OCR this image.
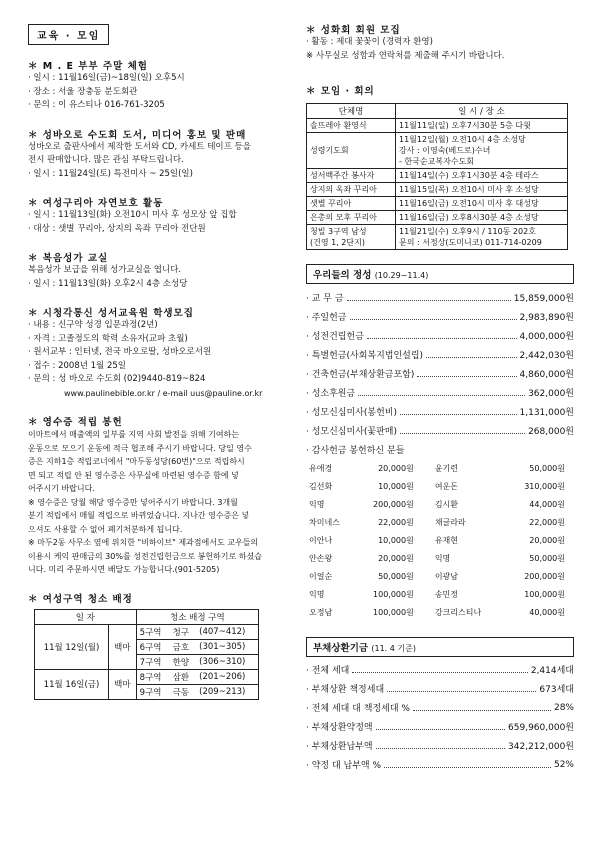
교육 · 모임
＊ M . E 부부 주말 체험
· 일시 : 11월16일(금)~18일(일) 오후5시
· 장소 : 서울 장충동 분도회관
· 문의 : 이 유스티나 016-761-3205
＊ 성바오로 수도회 도서, 미디어 홍보 및 판매
성바오로 출판사에서 제작한 도서와 CD, 카세트 테이프 등을
전시 판매합니다. 많은 관심 부탁드립니다.
· 일시 : 11월24일(토) 특전미사 ~ 25일(일)
＊ 여성구리아 자연보호 활동
· 일시 : 11월13일(화) 오전10시 미사 후 성모상 앞 집합
· 대상 : 샛별 꾸리아, 상지의 옥좌 꾸리아 전단원
＊ 복음성가 교실
복음성가 보급을 위해 성가교실을 엽니다.
· 일시 : 11월13일(화) 오후2시 4층 소성당
＊ 시청각통신 성서교육원 학생모집
· 내용 : 신구약 성경 입문과정(2년)
· 자격 : 고졸정도의 학력 소유자(교파 초월)
· 원서교부 : 인터넷, 전국 바오로딸, 성바오로서원
· 접수 : 2008년 1월 25일
· 문의 : 성 바오로 수도회 (02)9440-819~824
www.paulinebible.or.kr / e-mail uus@pauline.or.kr
＊ 영수증 적립 봉헌
이마트에서 매출액의 일부를 지역 사회 발전을 위해 기여하는
운동으로 모으기 운동에 적극 협조해 주시기 바랍니다. 당일 영수
증은 지하1층 적립코너에서 "마두동성당(60번)"으로 적립하시
면 되고 적립 안 된 영수증은 사무실에 마련된 영수증 함에 넣
어주시기 바랍니다.
※ 영수증은 당월 해당 영수증만 넣어주시기 바랍니다. 3개월
분기 적립에서 매월 적립으로 바뀌었습니다. 지나간 영수증은 넣
으셔도 사용할 수 없어 폐기처분하게 됩니다.
※ 마두2동 사무소 옆에 위치한 "비하이브" 제과점에서도 교우들의
이용시 케익 판매금의 30%를 성전건립헌금으로 봉헌하기로 하셨습
니다. 미리 주문하시면 배달도 가능합니다.(901-5205)
＊ 여성구역 청소 배정
일 자		청소 배정 구역		
11월 12일(월)	백마	5구역	청구	(407~412)
		6구역	금호	(301~305)
		7구역	한양	(306~310)
11월 16일(금)	백마	8구역	삼환	(201~206)
		9구역	극동	(209~213)
＊ 성화회 회원 모집
· 활동 : 제대 꽃꽂이 (경력자 환영)
※ 사무실로 성함과 연락처를 제출해 주시기 바랍니다.
＊ 모임 · 회의
단체명	일 시 / 장 소
솔뜨레아 환영식	11월11일(일) 오후7시30분 5층 다윗
성령기도회	11월12일(월) 오전10시 4층 소성당
강사 : 이영숙(베드로)수녀
- 한국순교복자수도회
성서백주간 봉사자	11월14일(수) 오후1시30분 4층 테라스
상지의 옥좌 꾸리아	11월15일(목) 오전10시 미사 후 소성당
샛별 꾸리아	11월16일(금) 오전10시 미사 후 대성당
은총의 모후 꾸리아	11월16일(금) 오후8시30분 4층 소성당
청빌 3구역 남성
(건영 1, 2단지)	11월21일(수) 오후9시 / 110동 202호
문의 : 서정상(도미니코) 011-714-0209
우리들의 정성 (10.29~11.4)
· 교 무 금	15,859,000원
· 주일헌금	2,983,890원
· 성전건립헌금	4,000,000원
· 특별헌금(사회복지법인설립)	2,442,030원
· 건축헌금(부채상환금포함)	4,860,000원
· 성소후원금	362,000원
· 성모신심미사(봉헌비)	1,131,000원
· 성모신심미사(꽃판매)	268,000원
· 감사헌금 봉헌하신 분들
유애경	20,000원	윤기련	50,000원
김선화	10,000원	여운돈	310,000원
익명	200,000원	김시환	44,000원
차미네스	22,000원	채글라라	22,000원
이안나	10,000원	유재현	20,000원
안손왕	20,000원	익명	50,000원
이얼순	50,000원	이광남	200,000원
익명	100,000원	송민정	100,000원
오정남	100,000원	강크리스티나	40,000원
부채상환기금 (11. 4 기준)
· 전체 세대	2,414세대
· 부채상환 책정세대	673세대
· 전체 세대 대 책정세대 %	28%
· 부채상환약정액	659,960,000원
· 부채상환납부액	342,212,000원
· 약정 대 납부액 %	52%
